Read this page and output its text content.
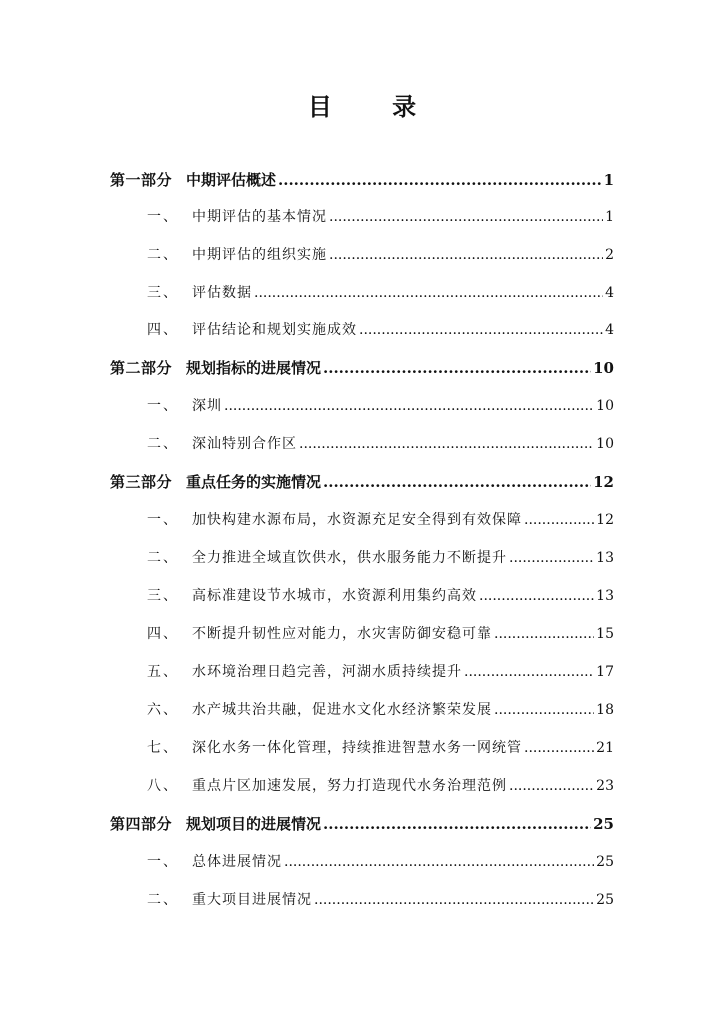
目 录
第一部分 中期评估概述 .....	1
一、 中期评估的基本情况 .....	1
二、 中期评估的组织实施 .....	2
三、 评估数据 .....	4
四、 评估结论和规划实施成效 .....	4
第二部分 规划指标的进展情况 .....	10
一、 深圳 .....	10
二、 深汕特别合作区 .....	10
第三部分 重点任务的实施情况 .....	12
一、 加快构建水源布局，水资源充足安全得到有效保障 .....	12
二、 全力推进全域直饮供水，供水服务能力不断提升 .....	13
三、 高标准建设节水城市，水资源利用集约高效 .....	13
四、 不断提升韧性应对能力，水灾害防御安稳可靠 .....	15
五、 水环境治理日趋完善，河湖水质持续提升 .....	17
六、 水产城共治共融，促进水文化水经济繁荣发展 .....	18
七、 深化水务一体化管理，持续推进智慧水务一网统管 .....	21
八、 重点片区加速发展，努力打造现代水务治理范例 .....	23
第四部分 规划项目的进展情况 .....	25
一、 总体进展情况 .....	25
二、 重大项目进展情况 .....	25
